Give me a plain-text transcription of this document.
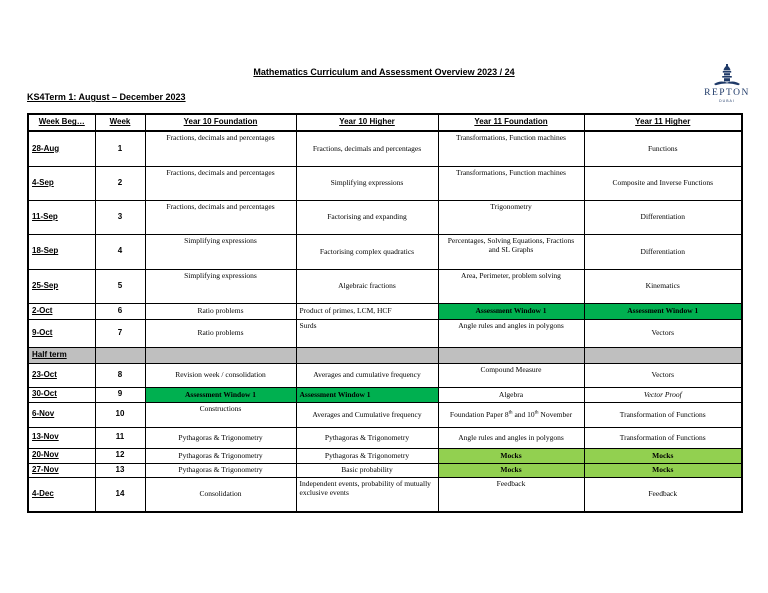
Mathematics Curriculum and Assessment Overview 2023 / 24
KS4Term 1: August – December 2023	REPTON
DUBAI
Week Beg…	Week	Year 10 Foundation	Year 10 Higher	Year 11 Foundation	Year 11 Higher
28-Aug	1	Fractions, decimals and percentages	Fractions, decimals and percentages	Transformations, Function machines	Functions
4-Sep	2	Fractions, decimals and percentages	Simplifying expressions	Transformations, Function machines	Composite and Inverse Functions
11-Sep	3	Fractions, decimals and percentages	Factorising and expanding	Trigonometry	Differentiation
18-Sep	4	Simplifying expressions	Factorising complex quadratics	Percentages, Solving Equations, Fractions and SL Graphs	Differentiation
25-Sep	5	Simplifying expressions	Algebraic fractions	Area, Perimeter, problem solving	Kinematics
2-Oct	6	Ratio problems	Product of primes, LCM, HCF	Assessment Window 1	Assessment Window 1
9-Oct	7	Ratio problems	Surds	Angle rules and angles in polygons	Vectors
Half term					
23-Oct	8	Revision week / consolidation	Averages and cumulative frequency	Compound Measure	Vectors
30-Oct	9	Assessment Window 1	Assessment Window 1	Algebra	Vector Proof
6-Nov	10	Constructions	Averages and Cumulative frequency	Foundation Paper 8th and 10th November	Transformation of Functions
13-Nov	11	Pythagoras & Trigonometry	Pythagoras & Trigonometry	Angle rules and angles in polygons	Transformation of Functions
20-Nov	12	Pythagoras & Trigonometry	Pythagoras & Trigonometry	Mocks	Mocks
27-Nov	13	Pythagoras & Trigonometry	Basic probability	Mocks	Mocks
4-Dec	14	Consolidation	Independent events, probability of mutually exclusive events	Feedback	Feedback
